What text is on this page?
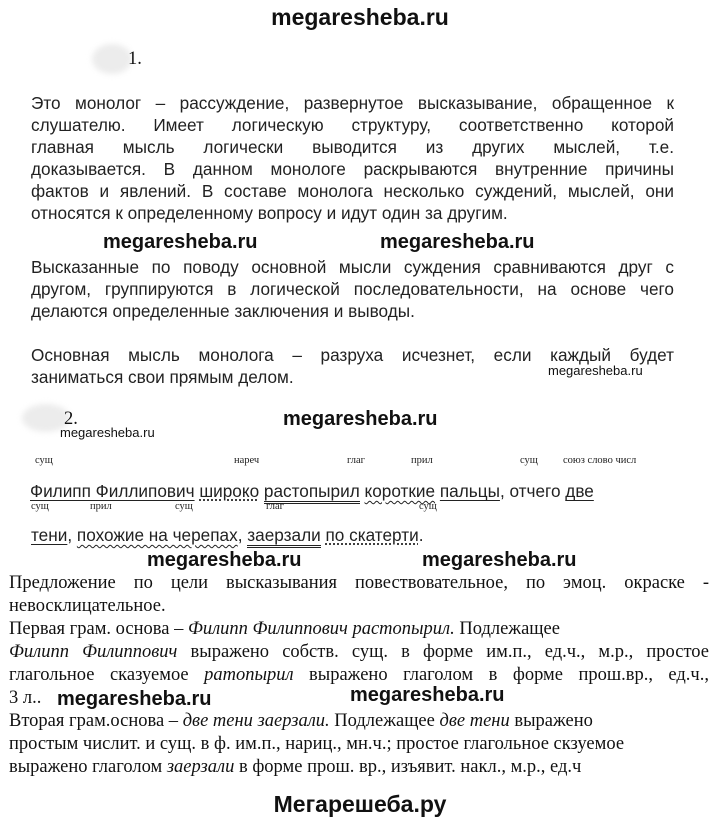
megaresheba.ru
1.
Это монолог – рассуждение, развернутое высказывание, обращенное к
слушателю. Имеет логическую структуру, соответственно которой
главная мысль логически выводится из других мыслей, т.е.
доказывается. В данном монологе раскрываются внутренние причины
фактов и явлений. В составе монолога несколько суждений, мыслей, они
относятся к определенному вопросу и идут один за другим.
megaresheba.ru	megaresheba.ru
Высказанные по поводу основной мысли суждения сравниваются друг с
другом, группируются в логической последовательности, на основе чего
делаются определенные заключения и выводы.
Основная мысль монолога – разруха исчезнет, если каждый будет
заниматься свои прямым делом.	megaresheba.ru
2.	megaresheba.ru
megaresheba.ru
сущ	нареч	глаг	прил	сущ союз слово числ
Филипп Филлипович широко растопырил короткие пальцы, отчего две
сущ	прил	сущ	глаг	сущ
тени, похожие на черепах, заерзали по скатерти.
megaresheba.ru	megaresheba.ru
Предложение по цели высказывания повествовательное, по эмоц. окраске -
невосклицательное.
Первая грам. основа – Филипп Филиппович растопырил. Подлежащее
Филипп Филиппович выражено собств. сущ. в форме им.п., ед.ч., м.р., простое
глагольное сказуемое ратопырил выражено глаголом в форме прош.вр., ед.ч.,
3 л..
Вторая грам.основа – две тени заерзали. Подлежащее две тени выражено
простым числит. и сущ. в ф. им.п., нариц., мн.ч.; простое глагольное скзуемое
выражено глаголом заерзали в форме прош. вр., изъявит. накл., м.р., ед.ч
megaresheba.ru	megaresheba.ru
Мегарешеба.ру
